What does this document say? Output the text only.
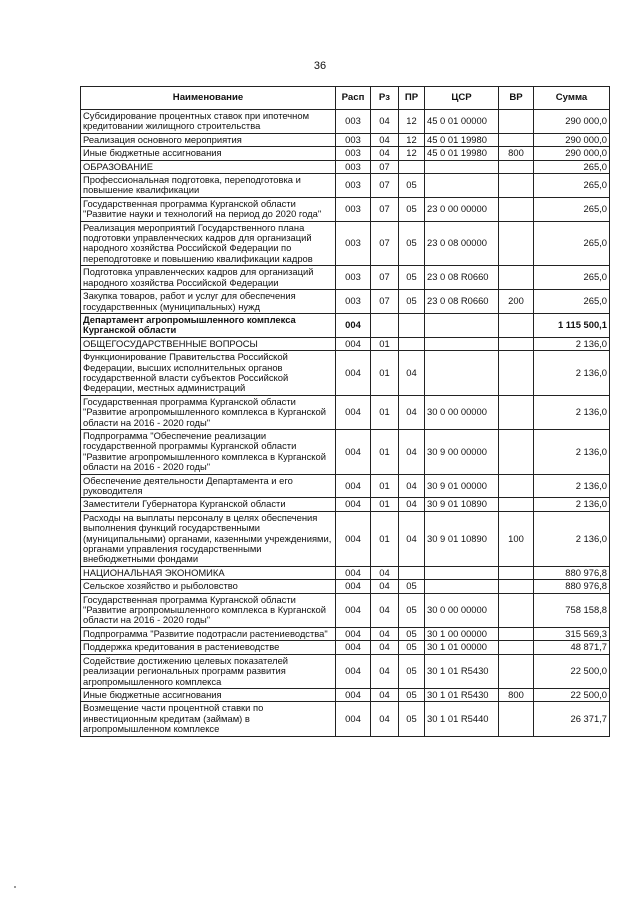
36
Наименование	Расп	Рз	ПР	ЦСР	ВР	Сумма
Субсидирование процентных ставок при ипотечном кредитовании жилищного строительства	003	04	12	45 0 01 00000		290 000,0
Реализация основного мероприятия	003	04	12	45 0 01 19980		290 000,0
Иные бюджетные ассигнования	003	04	12	45 0 01 19980	800	290 000,0
ОБРАЗОВАНИЕ	003	07				265,0
Профессиональная подготовка, переподготовка и повышение квалификации	003	07	05			265,0
Государственная программа Курганской области "Развитие науки и технологий на период до 2020 года"	003	07	05	23 0 00 00000		265,0
Реализация мероприятий Государственного плана подготовки управленческих кадров для организаций народного хозяйства Российской Федерации по переподготовке и повышению квалификации кадров	003	07	05	23 0 08 00000		265,0
Подготовка управленческих кадров для организаций народного хозяйства Российской Федерации	003	07	05	23 0 08 R0660		265,0
Закупка товаров, работ и услуг для обеспечения государственных (муниципальных) нужд	003	07	05	23 0 08 R0660	200	265,0
Департамент агропромышленного комплекса Курганской области	004					1 115 500,1
ОБЩЕГОСУДАРСТВЕННЫЕ ВОПРОСЫ	004	01				2 136,0
Функционирование Правительства Российской Федерации, высших исполнительных органов государственной власти субъектов Российской Федерации, местных администраций	004	01	04			2 136,0
Государственная программа Курганской области "Развитие агропромышленного комплекса в Курганской области на 2016 - 2020 годы"	004	01	04	30 0 00 00000		2 136,0
Подпрограмма "Обеспечение реализации государственной программы Курганской области "Развитие агропромышленного комплекса в Курганской области на 2016 - 2020 годы"	004	01	04	30 9 00 00000		2 136,0
Обеспечение деятельности Департамента и его руководителя	004	01	04	30 9 01 00000		2 136,0
Заместители Губернатора Курганской области	004	01	04	30 9 01 10890		2 136,0
Расходы на выплаты персоналу в целях обеспечения выполнения функций государственными (муниципальными) органами, казенными учреждениями, органами управления государственными внебюджетными фондами	004	01	04	30 9 01 10890	100	2 136,0
НАЦИОНАЛЬНАЯ ЭКОНОМИКА	004	04				880 976,8
Сельское хозяйство и рыболовство	004	04	05			880 976,8
Государственная программа Курганской области "Развитие агропромышленного комплекса в Курганской области на 2016 - 2020 годы"	004	04	05	30 0 00 00000		758 158,8
Подпрограмма "Развитие подотрасли растениеводства"	004	04	05	30 1 00 00000		315 569,3
Поддержка кредитования в растениеводстве	004	04	05	30 1 01 00000		48 871,7
Содействие достижению целевых показателей реализации региональных программ развития агропромышленного комплекса	004	04	05	30 1 01 R5430		22 500,0
Иные бюджетные ассигнования	004	04	05	30 1 01 R5430	800	22 500,0
Возмещение части процентной ставки по инвестиционным кредитам (займам) в агропромышленном комплексе	004	04	05	30 1 01 R5440		26 371,7
